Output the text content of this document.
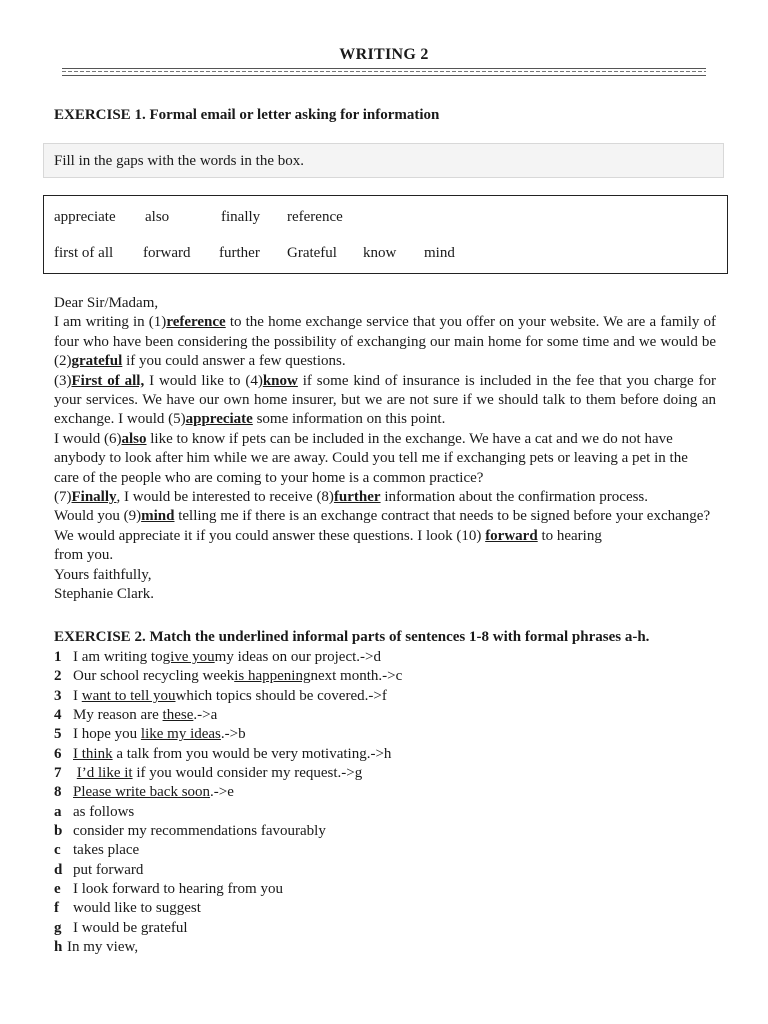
WRITING 2
EXERCISE 1. Formal email or letter asking for information
Fill in the gaps with the words in the box.
appreciate also	finally reference
first of all forward further Grateful know mind

Dear Sir/Madam,

I am writing in (1)reference to the home exchange service that you offer on your website. We are a family of four who have been considering the possibility of exchanging our main home for some time and we would be (2)grateful if you could answer a few questions.

(3)First of all, I would like to (4)know if some kind of insurance is included in the fee that you charge for your services. We have our own home insurer, but we are not sure if we should talk to them before doing an exchange. I would (5)appreciate some information on this point.

I would (6)also like to know if pets can be included in the exchange. We have a cat and we do not have anybody to look after him while we are away. Could you tell me if exchanging pets or leaving a pet in the care of the people who are coming to your home is a common practice?

(7)Finally, I would be interested to receive (8)further information about the confirmation process.

Would you (9)mind telling me if there is an exchange contract that needs to be signed before your exchange?

We would appreciate it if you could answer these questions. I look (10) forward to hearing

from you.

Yours faithfully,

Stephanie Clark.

EXERCISE 2. Match the underlined informal parts of sentences 1-8 with formal phrases a-h.
1 I am writing to give you my ideas on our project.->d
2 Our school recycling week is happening next month.->c
3 I want to tell you which topics should be covered.->f
4 My reason are these .->a
5 I hope you like my ideas .->b
6 I think a talk from you would be very motivating.->h
7
	I’d like it if you would consider my request.->g
8 Please write back soon .->e
a as follows
b consider my recommendations favourably
c takes place
d put forward
e I look forward to hearing from you
f would like to suggest
g I would be grateful
h In my view,
